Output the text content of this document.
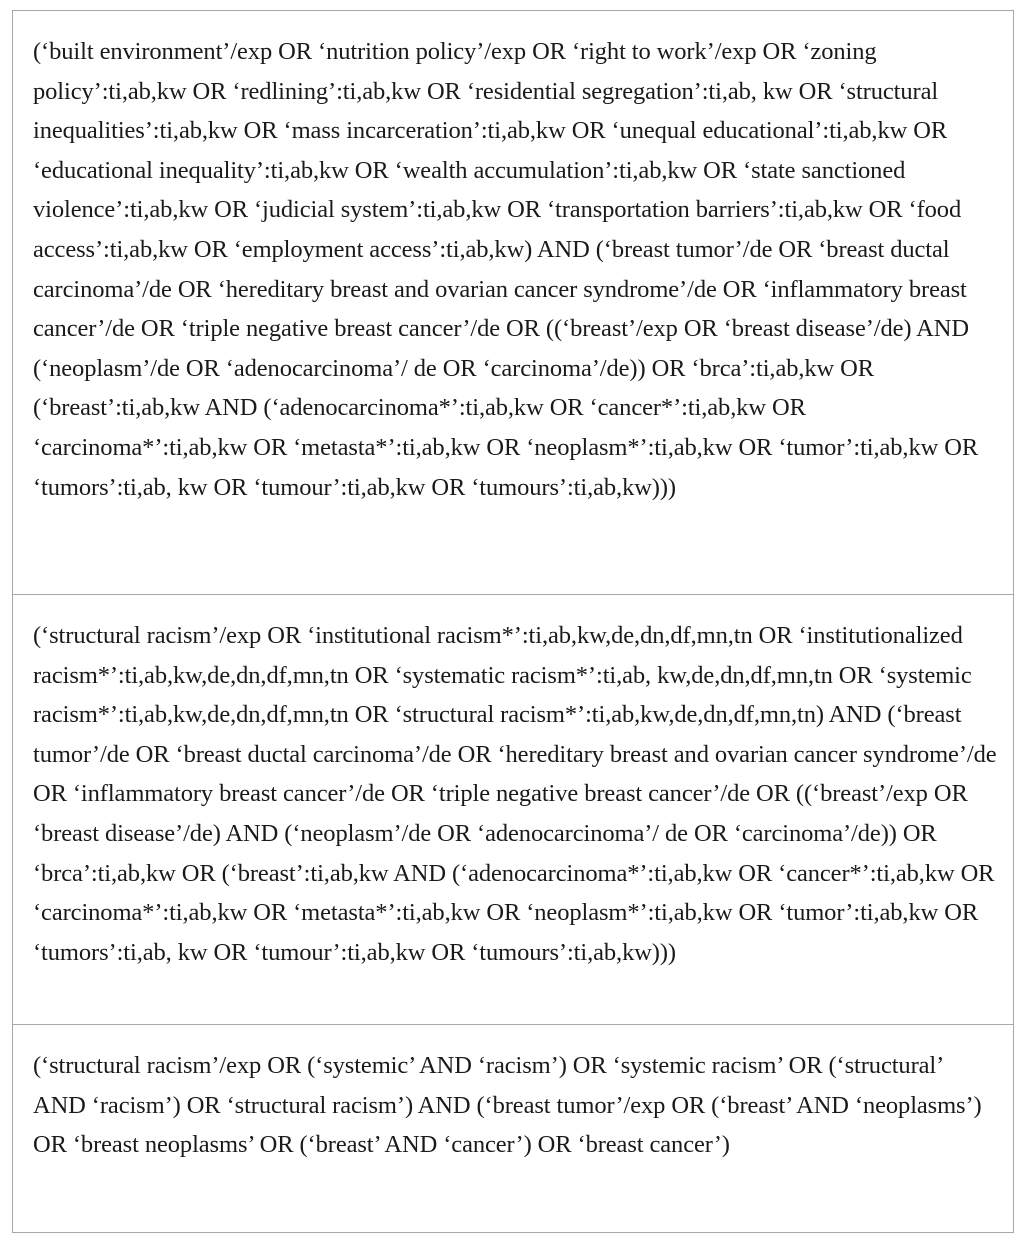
(‘built environment’/exp OR ‘nutrition policy’/exp OR ‘right to work’/exp OR ‘zoning policy’:ti,ab,kw OR ‘redlining’:ti,ab,kw OR ‘residential segregation’:ti,ab, kw OR ‘structural inequalities’:ti,ab,kw OR ‘mass incarceration’:ti,ab,kw OR ‘unequal educational’:ti,ab,kw OR ‘educational inequality’:ti,ab,kw OR ‘wealth accumulation’:ti,ab,kw OR ‘state sanctioned violence’:ti,ab,kw OR ‘judicial system’:ti,ab,kw OR ‘transportation barriers’:ti,ab,kw OR ‘food access’:ti,ab,kw OR ‘employment access’:ti,ab,kw) AND (‘breast tumor’/de OR ‘breast ductal carcinoma’/de OR ‘hereditary breast and ovarian cancer syndrome’/de OR ‘inflammatory breast cancer’/de OR ‘triple negative breast cancer’/de OR ((‘breast’/exp OR ‘breast disease’/de) AND (‘neoplasm’/de OR ‘adenocarcinoma’/ de OR ‘carcinoma’/de)) OR ‘brca’:ti,ab,kw OR (‘breast’:ti,ab,kw AND (‘adenocarcinoma*’:ti,ab,kw OR ‘cancer*’:ti,ab,kw OR ‘carcinoma*’:ti,ab,kw OR ‘metasta*’:ti,ab,kw OR ‘neoplasm*’:ti,ab,kw OR ‘tumor’:ti,ab,kw OR ‘tumors’:ti,ab, kw OR ‘tumour’:ti,ab,kw OR ‘tumours’:ti,ab,kw)))

(‘structural racism’/exp OR ‘institutional racism*’:ti,ab,kw,de,dn,df,mn,tn OR ‘institutionalized racism*’:ti,ab,kw,de,dn,df,mn,tn OR ‘systematic racism*’:ti,ab, kw,de,dn,df,mn,tn OR ‘systemic racism*’:ti,ab,kw,de,dn,df,mn,tn OR ‘structural racism*’:ti,ab,kw,de,dn,df,mn,tn) AND (‘breast tumor’/de OR ‘breast ductal carcinoma’/de OR ‘hereditary breast and ovarian cancer syndrome’/de OR ‘inflammatory breast cancer’/de OR ‘triple negative breast cancer’/de OR ((‘breast’/exp OR ‘breast disease’/de) AND (‘neoplasm’/de OR ‘adenocarcinoma’/ de OR ‘carcinoma’/de)) OR ‘brca’:ti,ab,kw OR (‘breast’:ti,ab,kw AND (‘adenocarcinoma*’:ti,ab,kw OR ‘cancer*’:ti,ab,kw OR ‘carcinoma*’:ti,ab,kw OR ‘metasta*’:ti,ab,kw OR ‘neoplasm*’:ti,ab,kw OR ‘tumor’:ti,ab,kw OR ‘tumors’:ti,ab, kw OR ‘tumour’:ti,ab,kw OR ‘tumours’:ti,ab,kw)))

(‘structural racism’/exp OR (‘systemic’ AND ‘racism’) OR ‘systemic racism’ OR (‘structural’ AND ‘racism’) OR ‘structural racism’) AND (‘breast tumor’/exp OR (‘breast’ AND ‘neoplasms’) OR ‘breast neoplasms’ OR (‘breast’ AND ‘cancer’) OR ‘breast cancer’)
